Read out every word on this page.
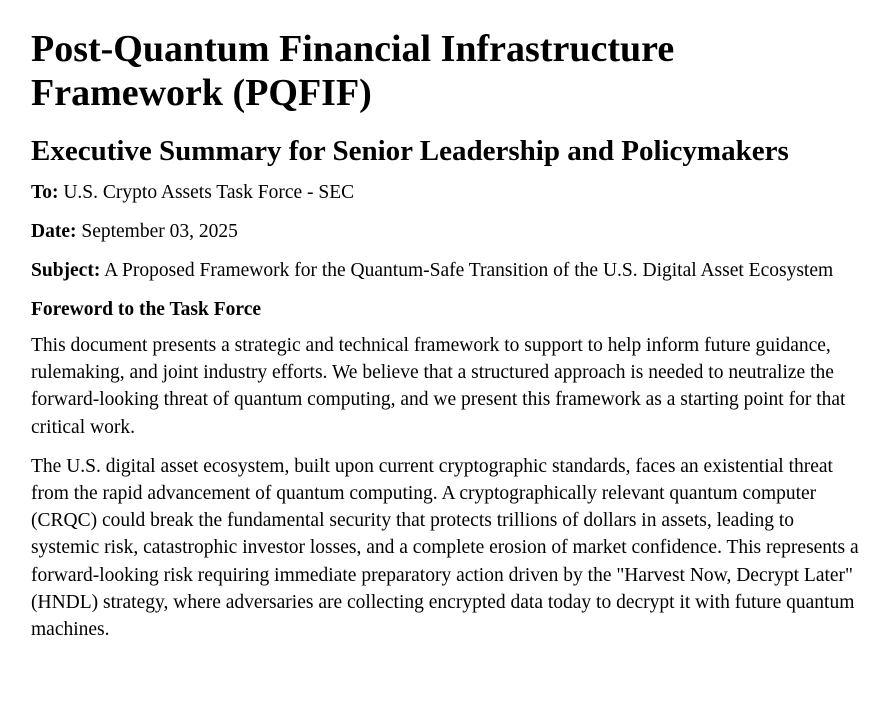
Post-Quantum Financial Infrastructure Framework (PQFIF)
Executive Summary for Senior Leadership and Policymakers

To: U.S. Crypto Assets Task Force - SEC

Date: September 03, 2025

Subject: A Proposed Framework for the Quantum-Safe Transition of the U.S. Digital Asset Ecosystem

Foreword to the Task Force

This document presents a strategic and technical framework to support to help inform future guidance, rulemaking, and joint industry efforts. We believe that a structured approach is needed to neutralize the forward-looking threat of quantum computing, and we present this framework as a starting point for that critical work.

The U.S. digital asset ecosystem, built upon current cryptographic standards, faces an existential threat from the rapid advancement of quantum computing. A cryptographically relevant quantum computer (CRQC) could break the fundamental security that protects trillions of dollars in assets, leading to systemic risk, catastrophic investor losses, and a complete erosion of market confidence. This represents a forward-looking risk requiring immediate preparatory action driven by the "Harvest Now, Decrypt Later" (HNDL) strategy, where adversaries are collecting encrypted data today to decrypt it with future quantum machines.
